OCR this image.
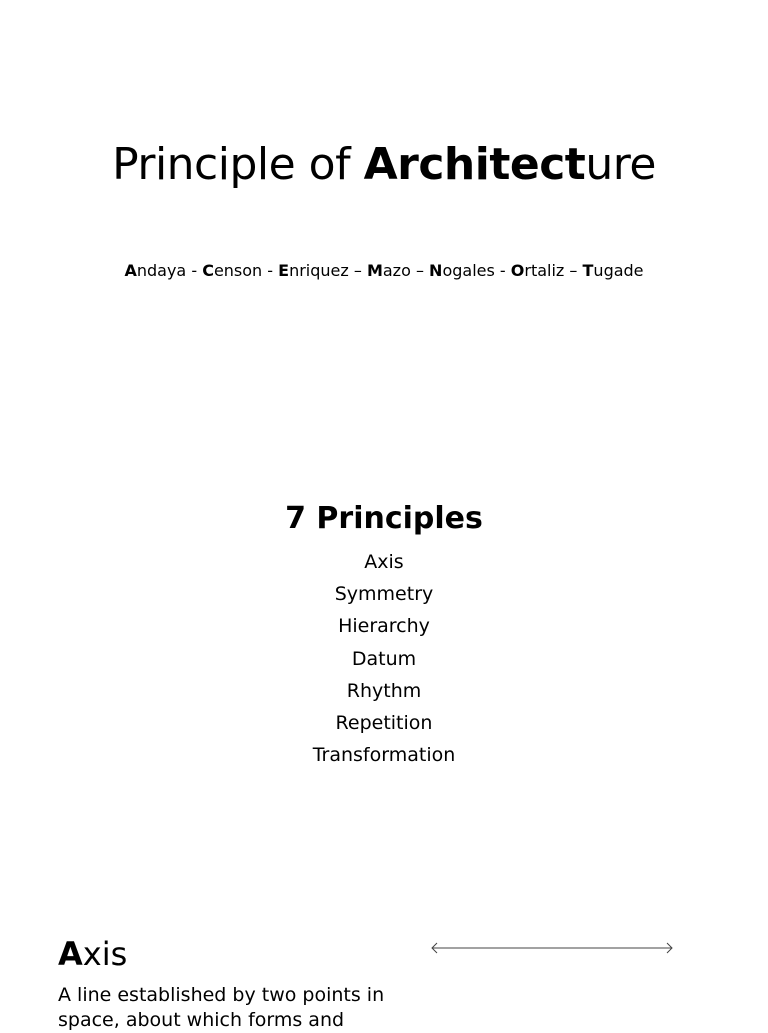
Principle of Architecture
Andaya - Censon - Enriquez – Mazo – Nogales - Ortaliz – Tugade
7 Principles
Axis
Symmetry
Hierarchy
Datum
Rhythm
Repetition
Transformation
Axis

A line established by two points in space, about which forms and
